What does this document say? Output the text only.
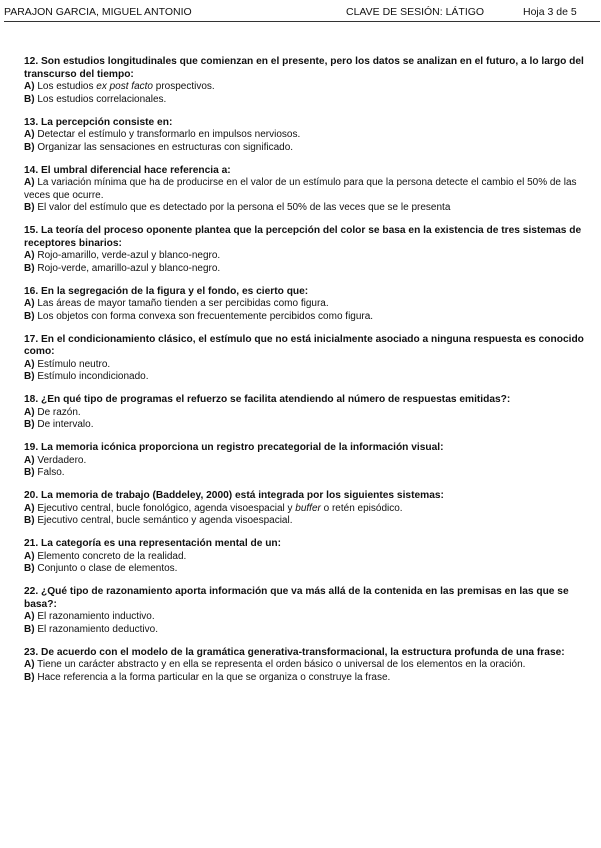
PARAJON GARCIA, MIGUEL ANTONIO	CLAVE DE SESIÓN: LÁTIGO	Hoja 3 de 5

12. Son estudios longitudinales que comienzan en el presente, pero los datos se analizan en el futuro, a lo largo del transcurso del tiempo:

A) Los estudios ex post facto prospectivos.

B) Los estudios correlacionales.

13. La percepción consiste en:

A) Detectar el estímulo y transformarlo en impulsos nerviosos.

B) Organizar las sensaciones en estructuras con significado.

14. El umbral diferencial hace referencia a:

A) La variación mínima que ha de producirse en el valor de un estímulo para que la persona detecte el cambio el 50% de las veces que ocurre.

B) El valor del estímulo que es detectado por la persona el 50% de las veces que se le presenta

15. La teoría del proceso oponente plantea que la percepción del color se basa en la existencia de tres sistemas de receptores binarios:

A) Rojo-amarillo, verde-azul y blanco-negro.

B) Rojo-verde, amarillo-azul y blanco-negro.

16. En la segregación de la figura y el fondo, es cierto que:

A) Las áreas de mayor tamaño tienden a ser percibidas como figura.

B) Los objetos con forma convexa son frecuentemente percibidos como figura.

17. En el condicionamiento clásico, el estímulo que no está inicialmente asociado a ninguna respuesta es conocido como:

A) Estímulo neutro.

B) Estímulo incondicionado.

18. ¿En qué tipo de programas el refuerzo se facilita atendiendo al número de respuestas emitidas?:

A) De razón.

B) De intervalo.

19. La memoria icónica proporciona un registro precategorial de la información visual:

A) Verdadero.

B) Falso.

20. La memoria de trabajo (Baddeley, 2000) está integrada por los siguientes sistemas:

A) Ejecutivo central, bucle fonológico, agenda visoespacial y buffer o retén episódico.

B) Ejecutivo central, bucle semántico y agenda visoespacial.

21. La categoría es una representación mental de un:

A) Elemento concreto de la realidad.

B) Conjunto o clase de elementos.

22. ¿Qué tipo de razonamiento aporta información que va más allá de la contenida en las premisas en las que se basa?:

A) El razonamiento inductivo.

B) El razonamiento deductivo.

23. De acuerdo con el modelo de la gramática generativa-transformacional, la estructura profunda de una frase:

A) Tiene un carácter abstracto y en ella se representa el orden básico o universal de los elementos en la oración.

B) Hace referencia a la forma particular en la que se organiza o construye la frase.
